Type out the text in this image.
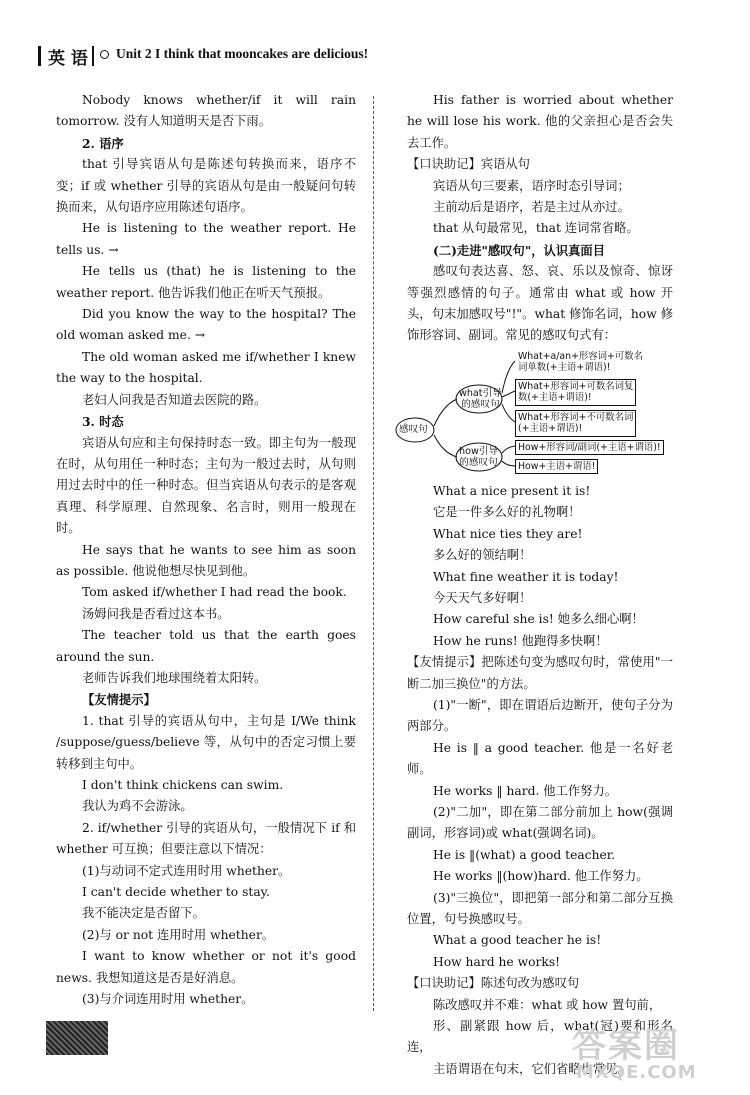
英 语 Unit 2 I think that mooncakes are delicious!

Nobody knows whether/if it will rain tomorrow. 没有人知道明天是否下雨。

2. 语序

that 引导宾语从句是陈述句转换而来，语序不变；if 或 whether 引导的宾语从句是由一般疑问句转换而来，从句语序应用陈述句语序。

He is listening to the weather report. He tells us. →

He tells us (that) he is listening to the weather report. 他告诉我们他正在听天气预报。

Did you know the way to the hospital? The old woman asked me. →

The old woman asked me if/whether I knew the way to the hospital.

老妇人问我是否知道去医院的路。

3. 时态

宾语从句应和主句保持时态一致。即主句为一般现在时，从句用任一种时态；主句为一般过去时，从句则用过去时中的任一种时态。但当宾语从句表示的是客观真理、科学原理、自然现象、名言时，则用一般现在时。

He says that he wants to see him as soon as possible. 他说他想尽快见到他。

Tom asked if/whether I had read the book.

汤姆问我是否看过这本书。

The teacher told us that the earth goes around the sun.

老师告诉我们地球围绕着太阳转。

【友情提示】

1. that 引导的宾语从句中，主句是 I/We think /suppose/guess/believe 等，从句中的否定习惯上要转移到主句中。

I don't think chickens can swim.

我认为鸡不会游泳。

2. if/whether 引导的宾语从句，一般情况下 if 和 whether 可互换；但要注意以下情况：

(1)与动词不定式连用时用 whether。

I can't decide whether to stay.

我不能决定是否留下。

(2)与 or not 连用时用 whether。

I want to know whether or not it's good news. 我想知道这是否是好消息。

(3)与介词连用时用 whether。

His father is worried about whether he will lose his work. 他的父亲担心是否会失去工作。

【口诀助记】宾语从句

宾语从句三要素，语序时态引导词；

主前动后是语序，若是主过从亦过。

that 从句最常见，that 连词常省略。

(二)走进"感叹句"，认识真面目

感叹句表达喜、怒、哀、乐以及惊奇、惊讶等强烈感情的句子。通常由 what 或 how 开头，句末加感叹号"!"。what 修饰名词，how 修饰形容词、副词。常见的感叹句式有：

感叹句
what引导
的感叹句
how引导
的感叹句
What+a/an+形容词+可数名
词单数(+主语+谓语)!
What+形容词+可数名词复
数(+主语+谓语)!
What+形容词+不可数名词
(+主语+谓语)!
How+形容词/副词(+主语+谓语)!
How+主语+谓语!

What a nice present it is!

它是一件多么好的礼物啊！

What nice ties they are!

多么好的领结啊！

What fine weather it is today!

今天天气多好啊！

How careful she is! 她多么细心啊！

How he runs! 他跑得多快啊！

【友情提示】把陈述句变为感叹句时，常使用"一断二加三换位"的方法。

(1)"一断"，即在谓语后边断开，使句子分为两部分。

He is ‖ a good teacher. 他是一名好老师。

He works ‖ hard. 他工作努力。

(2)"二加"，即在第二部分前加上 how(强调副词，形容词)或 what(强调名词)。

He is ‖(what) a good teacher.

He works ‖(how)hard. 他工作努力。

(3)"三换位"，即把第一部分和第二部分互换位置，句号换感叹号。

What a good teacher he is!

How hard he works!

【口诀助记】陈述句改为感叹句

陈改感叹并不难：what 或 how 置句前，

形、副紧跟 how 后，what(冠)要和形名连，

主语谓语在句末，它们省略也常见。

答案圈
MXQE.COM
